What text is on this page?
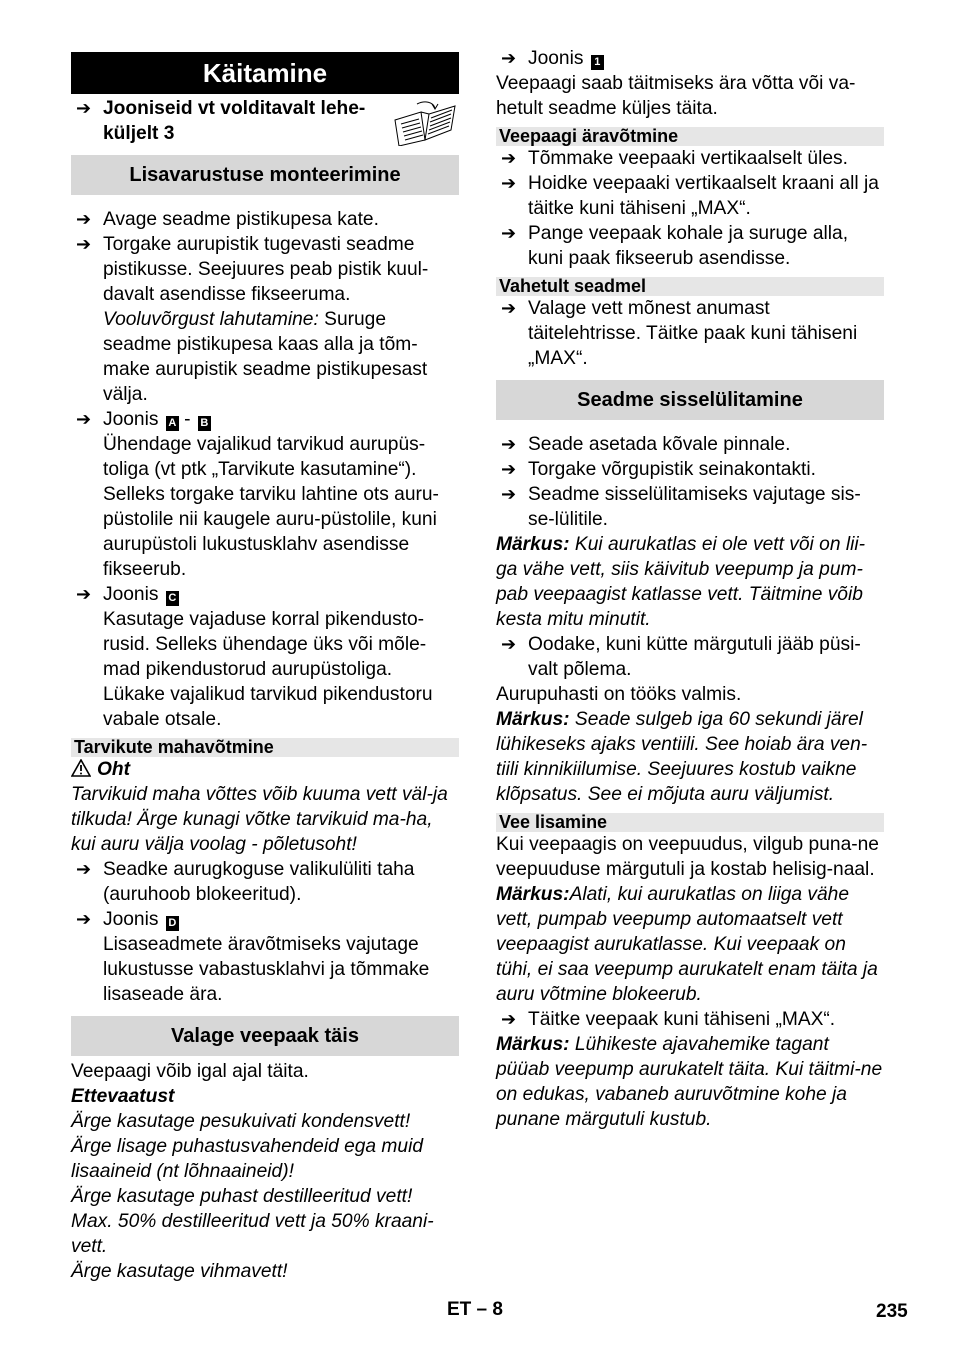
Käitamine
➔ Jooniseid vt volditavalt lehe-küljelt 3
Lisavarustuse monteerimine
➔ Avage seadme pistikupesa kate.

➔ Torgake aurupistik tugevasti seadme pistikusse. Seejuures peab pistik kuul-davalt asendisse fikseeruma.

Vooluvõrgust lahutamine: Suruge seadme pistikupesa kaas alla ja tõm-make aurupistik seadme pistikupesast välja.

➔ Joonis A - B

Ühendage vajalikud tarvikud aurupüs-toliga (vt ptk „Tarvikute kasutamine“). Selleks torgake tarviku lahtine ots auru-püstolile nii kaugele auru-püstolile, kuni aurupüstoli lukustusklahv asendisse fikseerub.

➔ Joonis C

Kasutage vajaduse korral pikendusto-rusid. Selleks ühendage üks või mõle-mad pikendustorud aurupüstoliga. Lükake vajalikud tarvikud pikendustoru vabale otsale.

Tarvikute mahavõtmine

Oht

Tarvikuid maha võttes võib kuuma vett väl-ja tilkuda! Ärge kunagi võtke tarvikuid ma-ha, kui auru välja voolag - põletusoht!

➔ Seadke aurugkoguse valikulüliti taha (auruhoob blokeeritud).

➔ Joonis D

Lisaseadmete äravõtmiseks vajutage lukustusse vabastusklahvi ja tõmmake lisaseade ära.

Valage veepaak täis

Veepaagi võib igal ajal täita.

Ettevaatust

Ärge kasutage pesukuivati kondensvett!

Ärge lisage puhastusvahendeid ega muid lisaaineid (nt lõhnaaineid)!

Ärge kasutage puhast destilleeritud vett!

Max. 50% destilleeritud vett ja 50% kraani-vett.

Ärge kasutage vihmavett!

➔ Joonis 1

Veepaagi saab täitmiseks ära võtta või va-hetult seadme küljes täita.

Veepaagi äravõtmine
➔ Tõmmake veepaaki vertikaalselt üles.

➔ Hoidke veepaaki vertikaalselt kraani all ja täitke kuni tähiseni „MAX“.

➔ Pange veepaak kohale ja suruge alla, kuni paak fikseerub asendisse.

Vahetult seadmel
➔ Valage vett mõnest anumast täitelehtrisse. Täitke paak kuni tähiseni „MAX“.

Seadme sisselülitamine
➔ Seade asetada kõvale pinnale.

➔ Torgake võrgupistik seinakontakti.

➔ Seadme sisselülitamiseks vajutage sis-se-lülitile.

Märkus: Kui aurukatlas ei ole vett või on lii-ga vähe vett, siis käivitub veepump ja pum-pab veepaagist katlasse vett. Täitmine võib kesta mitu minutit.

➔ Oodake, kuni kütte märgutuli jääb püsi-valt põlema.

Aurupuhasti on tööks valmis.

Märkus: Seade sulgeb iga 60 sekundi järel lühikeseks ajaks ventiili. See hoiab ära ven-tiili kinnikiilumise. Seejuures kostub vaikne klõpsatus. See ei mõjuta auru väljumist.

Vee lisamine

Kui veepaagis on veepuudus, vilgub puna-ne veepuuduse märgutuli ja kostab helisig-naal.

Märkus:Alati, kui aurukatlas on liiga vähe vett, pumpab veepump automaatselt vett veepaagist aurukatlasse. Kui veepaak on tühi, ei saa veepump aurukatelt enam täita ja auru võtmine blokeerub.

➔ Täitke veepaak kuni tähiseni „MAX“.

Märkus: Lühikeste ajavahemike tagant püüab veepump aurukatelt täita. Kui täitmi-ne on edukas, vabaneb auruvõtmine kohe ja punane märgutuli kustub.

ET – 8	235
